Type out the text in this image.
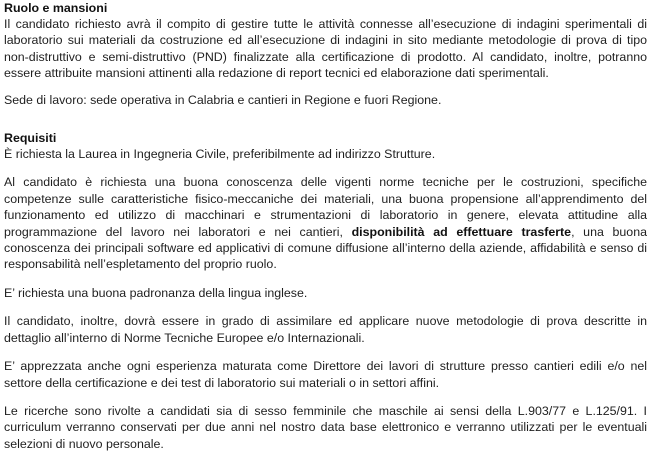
Ruolo e mansioni

Il candidato richiesto avrà il compito di gestire tutte le attività connesse all’esecuzione di indagini sperimentali di laboratorio sui materiali da costruzione ed all’esecuzione di indagini in sito mediante metodologie di prova di tipo non-distruttivo e semi-distruttivo (PND) finalizzate alla certificazione di prodotto. Al candidato, inoltre, potranno essere attribuite mansioni attinenti alla redazione di report tecnici ed elaborazione dati sperimentali.

Sede di lavoro: sede operativa in Calabria e cantieri in Regione e fuori Regione.

Requisiti

È richiesta la Laurea in Ingegneria Civile, preferibilmente ad indirizzo Strutture.

Al candidato è richiesta una buona conoscenza delle vigenti norme tecniche per le costruzioni, specifiche competenze sulle caratteristiche fisico-meccaniche dei materiali, una buona propensione all’apprendimento del funzionamento ed utilizzo di macchinari e strumentazioni di laboratorio in genere, elevata attitudine alla programmazione del lavoro nei laboratori e nei cantieri, disponibilità ad effettuare trasferte, una buona conoscenza dei principali software ed applicativi di comune diffusione all’interno della aziende, affidabilità e senso di responsabilità nell’espletamento del proprio ruolo.

E’ richiesta una buona padronanza della lingua inglese.

Il candidato, inoltre, dovrà essere in grado di assimilare ed applicare nuove metodologie di prova descritte in dettaglio all’interno di Norme Tecniche Europee e/o Internazionali.

E’ apprezzata anche ogni esperienza maturata come Direttore dei lavori di strutture presso cantieri edili e/o nel settore della certificazione e dei test di laboratorio sui materiali o in settori affini.

Le ricerche sono rivolte a candidati sia di sesso femminile che maschile ai sensi della L.903/77 e L.125/91. I curriculum verranno conservati per due anni nel nostro data base elettronico e verranno utilizzati per le eventuali selezioni di nuovo personale.
